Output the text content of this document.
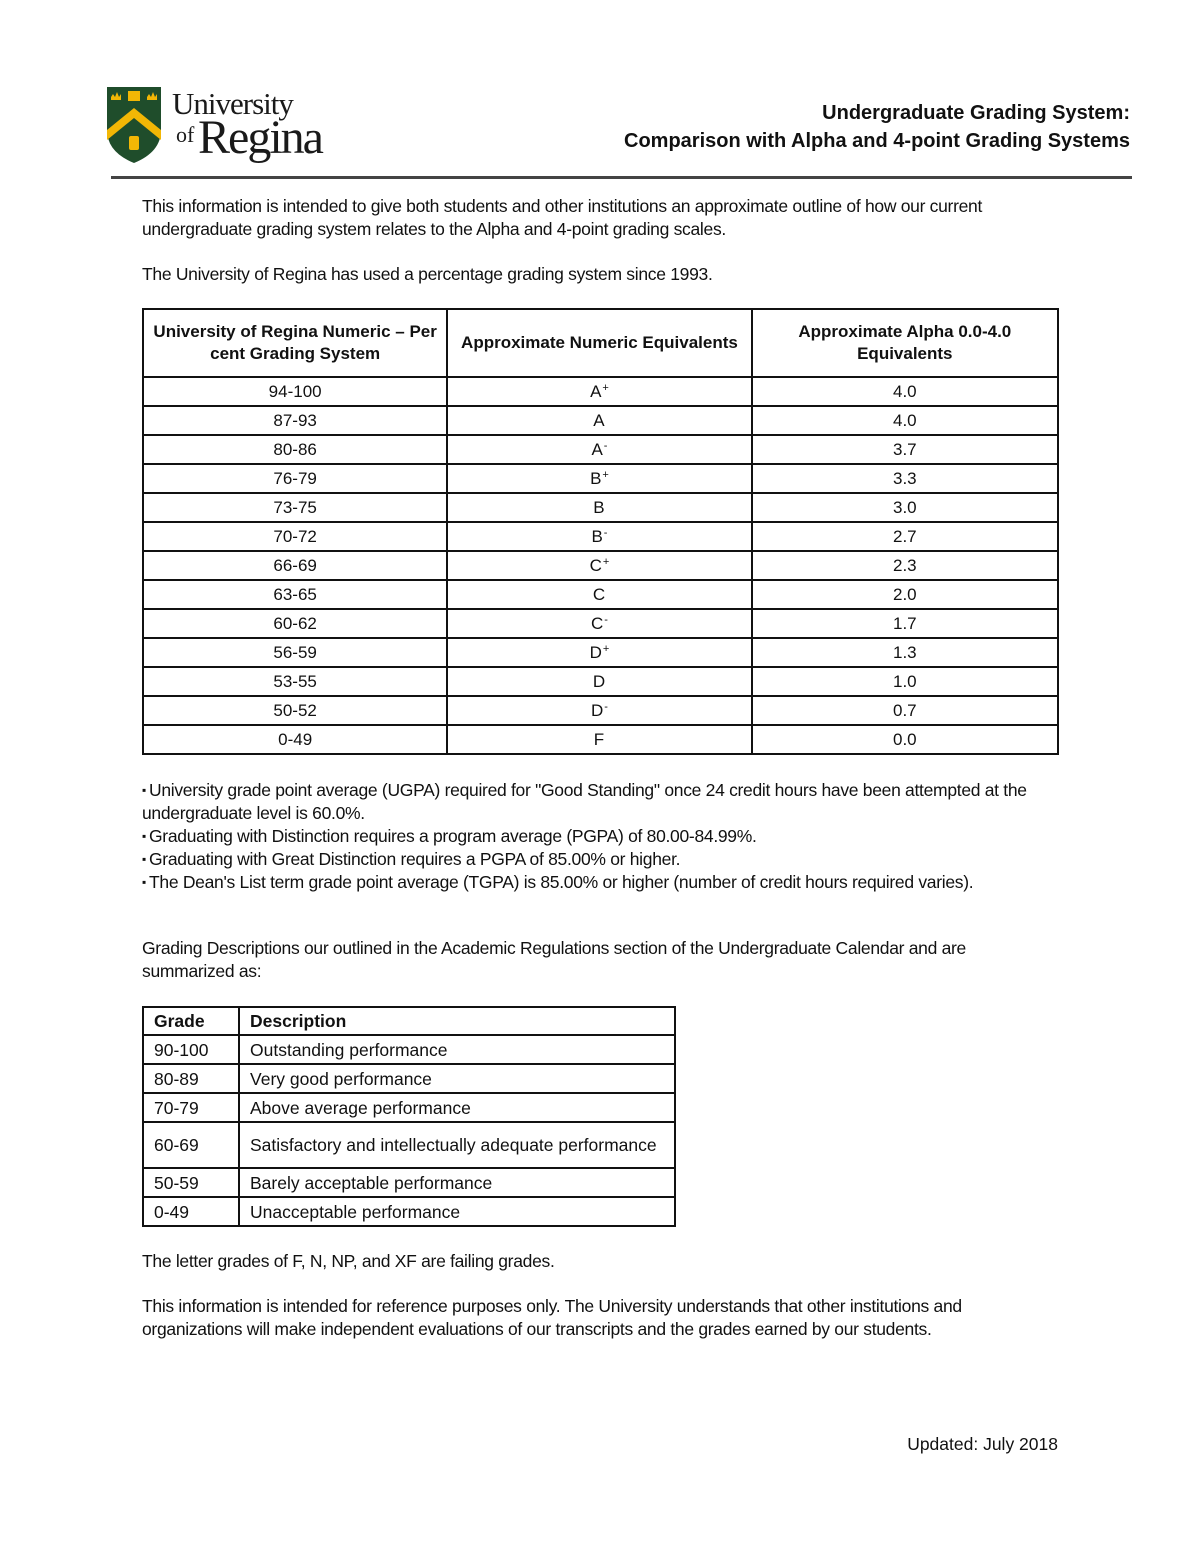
University
of Regina	Undergraduate Grading System:
Comparison with Alpha and 4-point Grading Systems

This information is intended to give both students and other institutions an approximate outline of how our current undergraduate grading system relates to the Alpha and 4-point grading scales.

The University of Regina has used a percentage grading system since 1993.

University of Regina Numeric – Per cent Grading System	Approximate Numeric Equivalents	Approximate Alpha 0.0-4.0 Equivalents
94-100	A+	4.0
87-93	A	4.0
80-86	A-	3.7
76-79	B+	3.3
73-75	B	3.0
70-72	B-	2.7
66-69	C+	2.3
63-65	C	2.0
60-62	C-	1.7
56-59	D+	1.3
53-55	D	1.0
50-52	D-	0.7
0-49	F	0.0
▪ University grade point average (UGPA) required for "Good Standing" once 24 credit hours have been attempted at the undergraduate level is 60.0%.
▪ Graduating with Distinction requires a program average (PGPA) of 80.00-84.99%.
▪ Graduating with Great Distinction requires a PGPA of 85.00% or higher.
▪ The Dean's List term grade point average (TGPA) is 85.00% or higher (number of credit hours required varies).

Grading Descriptions our outlined in the Academic Regulations section of the Undergraduate Calendar and are summarized as:

Grade	Description
90-100	Outstanding performance
80-89	Very good performance
70-79	Above average performance
60-69	Satisfactory and intellectually adequate performance
50-59	Barely acceptable performance
0-49	Unacceptable performance

The letter grades of F, N, NP, and XF are failing grades.

This information is intended for reference purposes only. The University understands that other institutions and organizations will make independent evaluations of our transcripts and the grades earned by our students.

Updated: July 2018
